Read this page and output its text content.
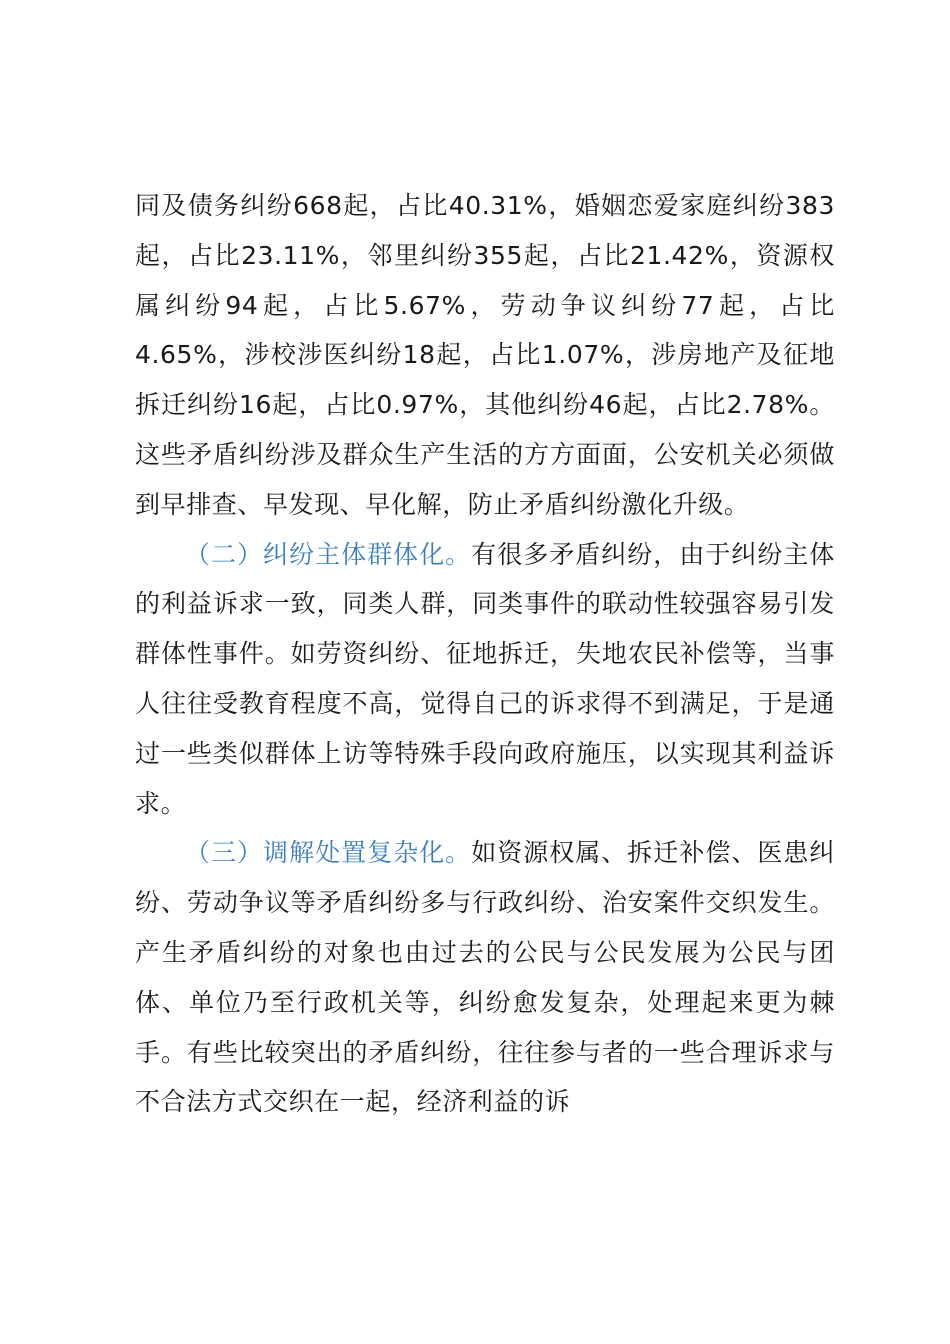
同及债务纠纷668起，占比40.31%，婚姻恋爱家庭纠纷383起，占比23.11%，邻里纠纷355起，占比21.42%，资源权属纠纷94起，占比5.67%，劳动争议纠纷77起，占比4.65%，涉校涉医纠纷18起，占比1.07%，涉房地产及征地拆迁纠纷16起，占比0.97%，其他纠纷46起，占比2.78%。这些矛盾纠纷涉及群众生产生活的方方面面，公安机关必须做到早排查、早发现、早化解，防止矛盾纠纷激化升级。

（二）纠纷主体群体化。有很多矛盾纠纷，由于纠纷主体的利益诉求一致，同类人群，同类事件的联动性较强容易引发群体性事件。如劳资纠纷、征地拆迁，失地农民补偿等，当事人往往受教育程度不高，觉得自己的诉求得不到满足，于是通过一些类似群体上访等特殊手段向政府施压，以实现其利益诉求。

（三）调解处置复杂化。如资源权属、拆迁补偿、医患纠纷、劳动争议等矛盾纠纷多与行政纠纷、治安案件交织发生。产生矛盾纠纷的对象也由过去的公民与公民发展为公民与团体、单位乃至行政机关等，纠纷愈发复杂，处理起来更为棘手。有些比较突出的矛盾纠纷，往往参与者的一些合理诉求与不合法方式交织在一起，经济利益的诉
